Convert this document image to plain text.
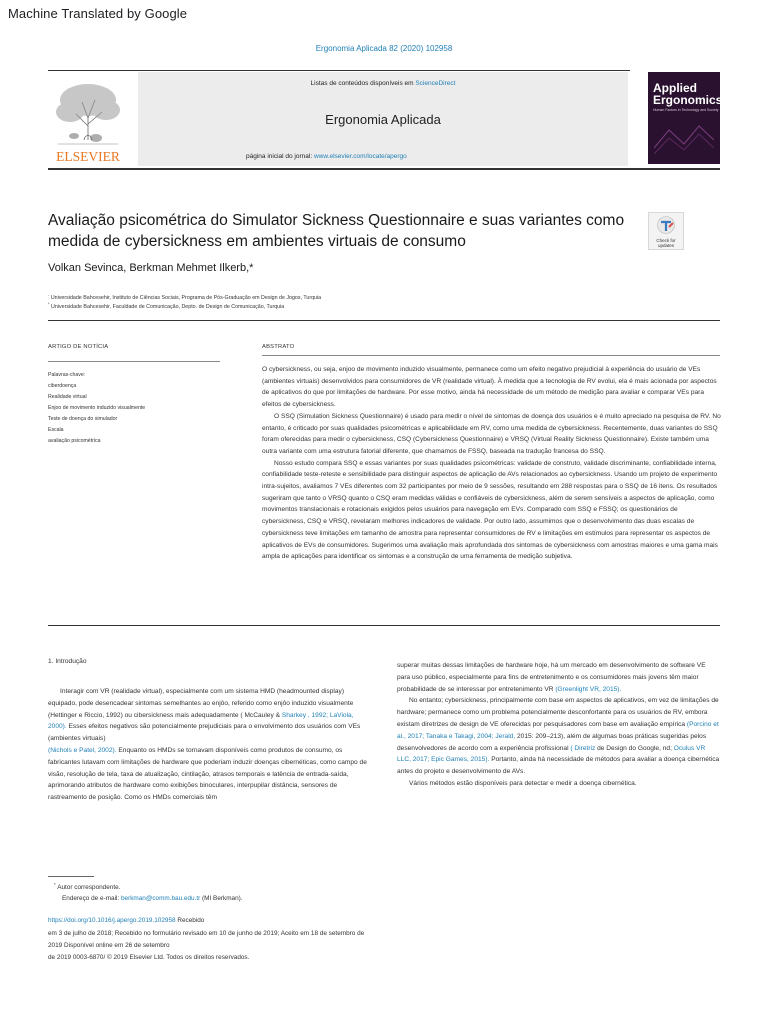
Machine Translated by Google
Ergonomia Aplicada 82 (2020) 102958
ELSEVIER
Listas de conteúdos disponíveis em ScienceDirect
Ergonomia Aplicada
página inicial do jornal: www.elsevier.com/locate/apergo
Applied Ergonomics
Human Factors in Technology and Society
Avaliação psicométrica do Simulator Sickness Questionnaire e suas variantes como medida de cybersickness em ambientes virtuais de consumo	Check for updates
Volkan Sevinca, Berkman Mehmet Ilkerb,*
- Universidade Bahcesehir, Instituto de Ciências Sociais, Programa de Pós-Graduação em Design de Jogos, Turquia
* Universidade Bahcesehir, Faculdade de Comunicação, Depto. de Design de Comunicação, Turquia
ARTIGO DE NOTÍCIA
Palavras-chave:
ciberdoença
Realidade virtual
Enjoo de movimento induzido visualmente
Teste de doença do simulador
Escala
avaliação psicométrica
ABSTRATO

O cybersickness, ou seja, enjoo de movimento induzido visualmente, permanece como um efeito negativo prejudicial à experiência do usuário de VEs (ambientes virtuais) desenvolvidos para consumidores de VR (realidade virtual). À medida que a tecnologia de RV evolui, ela é mais acionada por aspectos de aplicativos do que por limitações de hardware. Por esse motivo, ainda há necessidade de um método de medição para avaliar e comparar VEs para efeitos de cybersickness.

O SSQ (Simulation Sickness Questionnaire) é usado para medir o nível de sintomas de doença dos usuários e é muito apreciado na pesquisa de RV. No entanto, é criticado por suas qualidades psicométricas e aplicabilidade em RV, como uma medida de cybersickness. Recentemente, duas variantes do SSQ foram oferecidas para medir o cybersickness, CSQ (Cybersickness Questionnaire) e VRSQ (Virtual Reality Sickness Questionnaire). Existe também uma outra variante com uma estrutura fatorial diferente, que chamamos de FSSQ, baseada na tradução francesa do SSQ.

Nosso estudo compara SSQ e essas variantes por suas qualidades psicométricas: validade de construto, validade discriminante, confiabilidade interna, confiabilidade teste-reteste e sensibilidade para distinguir aspectos de aplicação de AVs relacionados ao cybersickness. Usando um projeto de experimento intra-sujeitos, avaliamos 7 VEs diferentes com 32 participantes por meio de 9 sessões, resultando em 288 respostas para o SSQ de 16 itens. Os resultados sugeriram que tanto o VRSQ quanto o CSQ eram medidas válidas e confiáveis de cybersickness, além de serem sensíveis a aspectos de aplicação, como movimentos translacionais e rotacionais exigidos pelos usuários para navegação em EVs. Comparado com SSQ e FSSQ; os questionários de cybersickness, CSQ e VRSQ, revelaram melhores indicadores de validade. Por outro lado, assumimos que o desenvolvimento das duas escalas de cybersickness teve limitações em tamanho de amostra para representar consumidores de RV e limitações em estímulos para representar os aspectos de aplicativos de EVs de consumidores. Sugerimos uma avaliação mais aprofundada dos sintomas de cybersickness com amostras maiores e uma gama mais ampla de aplicações para identificar os sintomas e a construção de uma ferramenta de medição subjetiva.

1. Introdução

Interagir com VR (realidade virtual), especialmente com um sistema HMD (headmounted display) equipado, pode desencadear sintomas semelhantes ao enjôo, referido como enjôo induzido visualmente (Hettinger e Riccio, 1992) ou cibersickness mais adequadamente ( McCauley & Sharkey , 1992; LaViola, 2000). Esses efeitos negativos são potencialmente prejudiciais para o envolvimento dos usuários com VEs (ambientes virtuais)

(Nichols e Patel, 2002). Enquanto os HMDs se tornavam disponíveis como produtos de consumo, os fabricantes lutavam com limitações de hardware que poderiam induzir doenças cibernéticas, como campo de visão, resolução de tela, taxa de atualização, cintilação, atrasos temporais e latência de entrada-saída, aprimorando atributos de hardware como exibições binoculares, interpupilar distância, sensores de rastreamento de posição. Como os HMDs comerciais têm

superar muitas dessas limitações de hardware hoje, há um mercado em desenvolvimento de software VE para uso público, especialmente para fins de entretenimento e os consumidores mais jovens têm maior probabilidade de se interessar por entretenimento VR (Greenlight VR, 2015).

No entanto; cybersickness, principalmente com base em aspectos de aplicativos, em vez de limitações de hardware; permanece como um problema potencialmente desconfortante para os usuários de RV, embora existam diretrizes de design de VE oferecidas por pesquisadores com base em avaliação empírica (Porcino et al., 2017; Tanaka e Takagi, 2004; Jerald, 2015: 209–213), além de algumas boas práticas sugeridas pelos desenvolvedores de acordo com a experiência profissional ( Diretriz de Design do Google, nd; Oculus VR LLC, 2017; Epic Games, 2015). Portanto, ainda há necessidade de métodos para avaliar a doença cibernética antes do projeto e desenvolvimento de AVs.

Vários métodos estão disponíveis para detectar e medir a doença cibernética.

* Autor correspondente.
Endereço de e-mail: berkman@comm.bau.edu.tr (MI Berkman).
https://doi.org/10.1016/j.apergo.2019.102958 Recebido
em 3 de julho de 2018; Recebido no formulário revisado em 10 de junho de 2019; Aceito em 18 de setembro de
2019 Disponível online em 26 de setembro
de 2019 0003-6870/ © 2019 Elsevier Ltd. Todos os direitos reservados.
